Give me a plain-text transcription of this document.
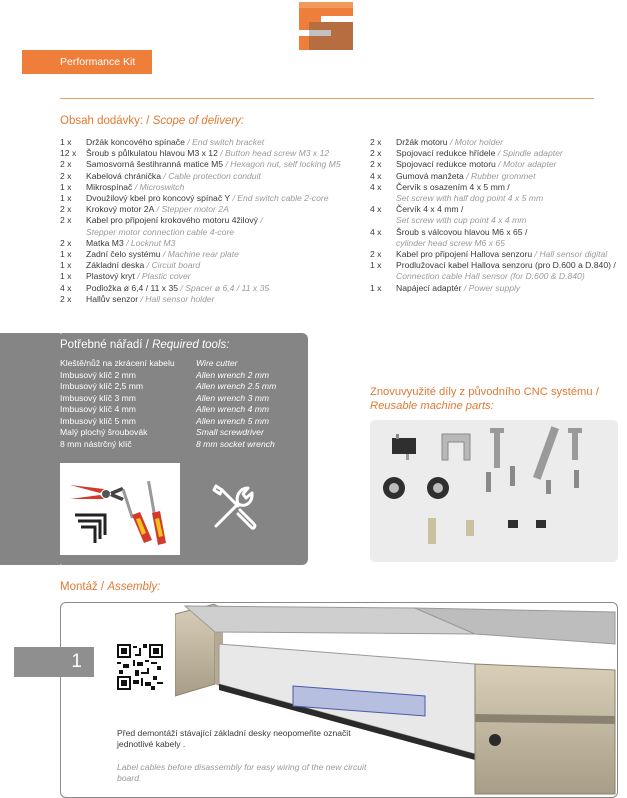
Performance Kit
Obsah dodávky: / Scope of delivery:
1 x	Držák koncového spínače / End switch bracket
12 x	Šroub s půlkulatou hlavou M3 x 12 / Button head screw M3 x 12
2 x	Samosvorná šestihranná matice M5 / Hexagon nut, self locking M5
2 x	Kabelová chránička / Cable protection conduit
1 x	Mikrospínač / Microswitch
1 x	Dvoužilový kbel pro koncový spínač Y / End switch cable 2-core
2 x	Krokový motor 2A / Stepper motor 2A
2 x	Kabel pro připojení krokového motoru 4žilový /
Stepper motor connection cable 4-core
2 x	Matka M3 / Locknut M3
1 x	Zadní čelo systému / Machine rear plate
1 x	Základní deska / Circuit board
1 x	Plastový kryt / Plastic cover
4 x	Podložka ø 6,4 / 11 x 35 / Spacer ø 6,4 / 11 x 35
2 x	Hallův senzor / Hall sensor holder
2 x	Držák motoru / Motor holder
2 x	Spojovací redukce hřídele / Spindle adapter
2 x	Spojovací redukce motoru / Motor adapter
4 x	Gumová manžeta / Rubber grommet
4 x	Červík s osazením 4 x 5 mm /
Set screw with half dog point 4 x 5 mm
4 x	Červík 4 x 4 mm /
Set screw with cup point 4 x 4 mm
4 x	Šroub s válcovou hlavou M6 x 65 /
cylinder head screw M6 x 65
2 x	Kabel pro připojení Hallova senzoru / Hall sensor digital
1 x	Prodlužovací kabel Hallova senzoru (pro D.600 a D.840) /
Connection cable Hall sensor (for D.600 & D.840)
1 x	Napájecí adaptér / Power supply
Potřebné nářadí / Required tools:
Kleště/nůž na zkrácení kabelu	Wire cutter
Imbusový klíč 2 mm	Allen wrench 2 mm
Imbusový klíč 2,5 mm	Allen wrench 2.5 mm
Imbusový klíč 3 mm	Allen wrench 3 mm
Imbusový klíč 4 mm	Allen wrench 4 mm
Imbusový klíč 5 mm	Allen wrench 5 mm
Malý plochý šroubovák	Small screwdriver
8 mm nástrčný klíč	8 mm socket wrench
Znovuvyužité díly z původního CNC systému /
Reusable machine parts:
Montáž / Assembly:
1
Před demontáží stávající základní desky neopomeňte označit jednotlivé kabely .
Label cables before disassembly for easy wiring of the new circuit board.
